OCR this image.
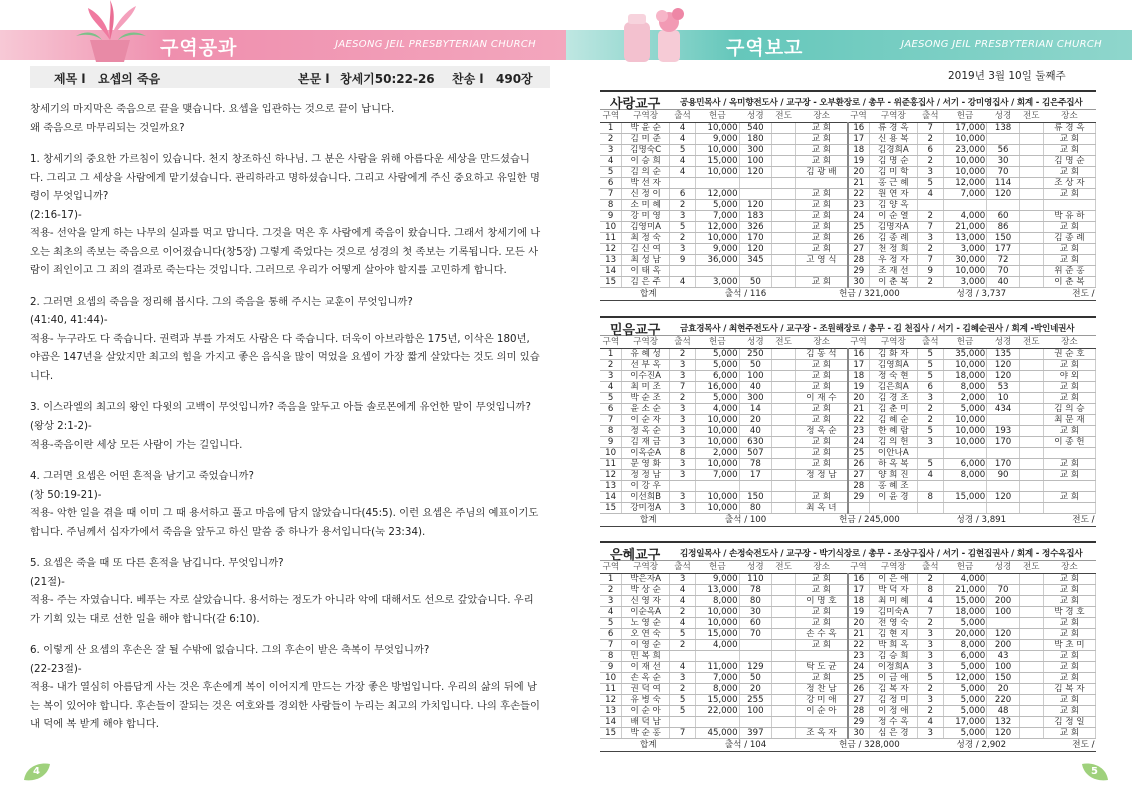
구역공과	JAESONG JEIL PRESBYTERIAN CHURCH	구역보고	JAESONG JEIL PRESBYTERIAN CHURCH
제목 l 요셉의 죽음	본문 l 창세기50:22-26 찬송 l 490장

창세기의 마지막은 죽음으로 끝을 맺습니다. 요셉을 입관하는 것으로 끝이 납니다.

왜 죽음으로 마무리되는 것일까요?

1. 창세기의 중요한 가르침이 있습니다. 천지 창조하신 하나님. 그 분은 사람을 위해 아름다운 세상을 만드셨습니다. 그리고 그 세상을 사람에게 맡기셨습니다. 관리하라고 명하셨습니다. 그리고 사람에게 주신 중요하고 유일한 명령이 무엇입니까?

(2:16-17)-

적용- 선악을 알게 하는 나무의 실과를 먹고 맙니다. 그것을 먹은 후 사람에게 죽음이 왔습니다. 그래서 창세기에 나오는 최초의 족보는 죽음으로 이어졌습니다(창5장) 그렇게 죽었다는 것으로 성경의 첫 족보는 기록됩니다. 모든 사람이 죄인이고 그 죄의 결과로 죽는다는 것입니다. 그러므로 우리가 어떻게 살아야 할지를 고민하게 합니다.

2. 그러면 요셉의 죽음을 정리해 봅시다. 그의 죽음을 통해 주시는 교훈이 무엇입니까?

(41:40, 41:44)-

적용- 누구라도 다 죽습니다. 권력과 부를 가져도 사람은 다 죽습니다. 더욱이 아브라함은 175년, 이삭은 180년, 야곱은 147년을 살았지만 최고의 힘을 가지고 좋은 음식을 많이 먹었을 요셉이 가장 짧게 살았다는 것도 의미 있습니다.

3. 이스라엘의 최고의 왕인 다윗의 고백이 무엇입니까? 죽음을 앞두고 아들 솔로몬에게 유언한 말이 무엇입니까?

(왕상 2:1-2)-

적용-죽음이란 세상 모든 사람이 가는 길입니다.

4. 그러면 요셉은 어떤 흔적을 남기고 죽었습니까?

(창 50:19-21)-

적용- 악한 일을 겪을 때 이미 그 때 용서하고 풀고 마음에 담지 않았습니다(45:5). 이런 요셉은 주님의 예표이기도 합니다. 주님께서 십자가에서 죽음을 앞두고 하신 말씀 중 하나가 용서입니다(눅 23:34).

5. 요셉은 죽을 때 또 다른 흔적을 남깁니다. 무엇입니까?

(21절)-

적용- 주는 자였습니다. 베푸는 자로 살았습니다. 용서하는 정도가 아니라 악에 대해서도 선으로 갚았습니다. 우리가 기회 있는 대로 선한 일을 해야 합니다(갈 6:10).

6. 이렇게 산 요셉의 후손은 잘 될 수밖에 없습니다. 그의 후손이 받은 축복이 무엇입니까?

(22-23절)-

적용- 내가 열심히 아름답게 사는 것은 후손에게 복이 이어지게 만드는 가장 좋은 방법입니다. 우리의 삶의 뒤에 남는 복이 있어야 합니다. 후손들이 잘되는 것은 여호와를 경외한 사람들이 누리는 최고의 가치입니다. 나의 후손들이 내 덕에 복 받게 해야 합니다.

4	5
2019년 3월 10일 둘째주
사랑교구 공용민목사 / 옥미향전도사 / 교구장 - 오부환장로 / 총무 - 위준홍집사 / 서기 - 강미영집사 / 회계 - 김은주집사
구역	구역장	출석	헌금	성경	전도	장소	구역	구역장	출석	헌금	성경	전도	장소
1	박 윤 순	4	10,000	540		교 회	16	류 경 옥	7	17,000	138		류 경 옥
2	김 미 준	4	9,000	180		교 회	17	신 용 복	2	10,000			교 회
3	김명숙C	5	10,000	300		교 회	18	김경희A	6	23,000	56		교 회
4	이 승 희	4	15,000	100		교 회	19	김 명 순	2	10,000	30		김 명 순
5	김 의 순	4	10,000	120		김 광 배	20	김 미 학	3	10,000	70		교 회
6	박 선 자						21	홍 근 혜	5	12,000	114		조 상 자
7	신 정 이	6	12,000			교 회	22	원 연 자	4	7,000	120		교 회
8	소 미 혜	2	5,000	120		교 회	23	김 양 옥					
9	강 미 영	3	7,000	183		교 회	24	이 순 열	2	4,000	60		박 유 하
10	김영미A	5	12,000	326		교 회	25	김명자A	7	21,000	86		교 회
11	최 정 숙	2	10,000	170		교 회	26	김 종 례	3	13,000	150		김 종 례
12	김 신 여	3	9,000	120		교 회	27	천 정 희	2	3,000	177		교 회
13	최 성 남	9	36,000	345		고 영 식	28	우 정 자	7	30,000	72		교 회
14	이 태 옥						29	조 재 선	9	10,000	70		위 준 홍
15	김 은 주	4	3,000	50		교 회	30	이 춘 복	2	3,000	40		이 춘 복
합계			출석 / 116			헌금 / 321,000				성경 / 3,737		전도 /	
믿음교구 금효경목사 / 최현주전도사 / 교구장 - 조원해장로 / 총무 - 김 천집사 / 서기 - 김혜순권사 / 회계 -박인네권사
구역	구역장	출석	헌금	성경	전도	장소	구역	구역장	출석	헌금	성경	전도	장소
1	유 혜 성	2	5,000	250		김 동 석	16	김 화 자	5	35,000	135		권 순 호
2	선 부 옥	3	5,000	50		교 회	17	김영희A	5	10,000	120		교 회
3	이수진A	3	6,000	100		교 회	18	정 숙 현	5	18,000	120		야 외
4	최 미 조	7	16,000	40		교 회	19	김은희A	6	8,000	53		교 회
5	박 순 조	2	5,000	300		이 재 수	20	김 경 조	3	2,000	10		교 회
6	윤 소 순	3	4,000	14		교 회	21	김 춘 미	2	5,000	434		김 의 승
7	이 순 자	3	10,000	20		교 회	22	김 혜 순	2	10,000			최 문 재
8	정 옥 순	3	10,000	40		정 옥 순	23	한 혜 람	5	10,000	193		교 회
9	김 재 금	3	10,000	630		교 회	24	김 의 헌	3	10,000	170		이 종 헌
10	이옥순A	8	2,000	507		교 회	25	이안나A					
11	문 영 화	3	10,000	78		교 회	26	하 옥 복	5	6,000	170		교 회
12	정 정 남	3	7,000	17		정 정 남	27	양 희 진	4	8,000	90		교 회
13	이 강 우						28	홍 혜 조					
14	이선희B	3	10,000	150		교 회	29	이 윤 경	8	15,000	120		교 회
15	강미정A	3	10,000	80		최 옥 녀							
합계			출석 / 100			헌금 / 245,000				성경 / 3,891		전도 /	
은혜교구 김정일목사 / 손정숙전도사 / 교구장 - 박기식장로 / 총무 - 조상구집사 / 서기 - 김현집권사 / 회계 - 정수옥집사
구역	구역장	출석	헌금	성경	전도	장소	구역	구역장	출석	헌금	성경	전도	장소
1	박은자A	3	9,000	110		교 회	16	이 은 애	2	4,000			교 회
2	박 상 순	4	13,000	78		교 회	17	박 덕 자	8	21,000	70		교 회
3	신 영 자	4	8,000	80		이 명 호	18	최 미 혜	4	15,000	200		교 회
4	이순옥A	2	10,000	30		교 회	19	김미숙A	7	18,000	100		박 경 호
5	노 영 순	4	10,000	60		교 회	20	전 영 숙	2	5,000			교 회
6	오 연 숙	5	15,000	70		손 수 옥	21	김 현 지	3	20,000	120		교 회
7	이 영 순	2	4,000			교 회	22	박 희 옥	3	8,000	200		박 초 미
8	민 복 희						23	김 승 희	3	6,000	43		교 회
9	이 재 선	4	11,000	129		탁 도 균	24	이정희A	3	5,000	100		교 회
10	손 옥 순	3	7,000	50		교 회	25	이 금 애	5	12,000	150		교 회
11	권 덕 여	2	8,000	20		정 찬 남	26	김 복 자	2	5,000	20		김 복 자
12	유 병 숙	5	15,000	255		강 미 애	27	김 정 미	3	5,000	220		교 회
13	이 순 아	5	22,000	100		이 순 아	28	이 정 애	2	5,000	48		교 회
14	배 덕 남						29	정 수 옥	4	17,000	132		김 정 일
15	박 순 홍	7	45,000	397		조 옥 자	30	심 은 경	3	5,000	120		교 회
합계			출석 / 104			헌금 / 328,000				성경 / 2,902		전도 /	
